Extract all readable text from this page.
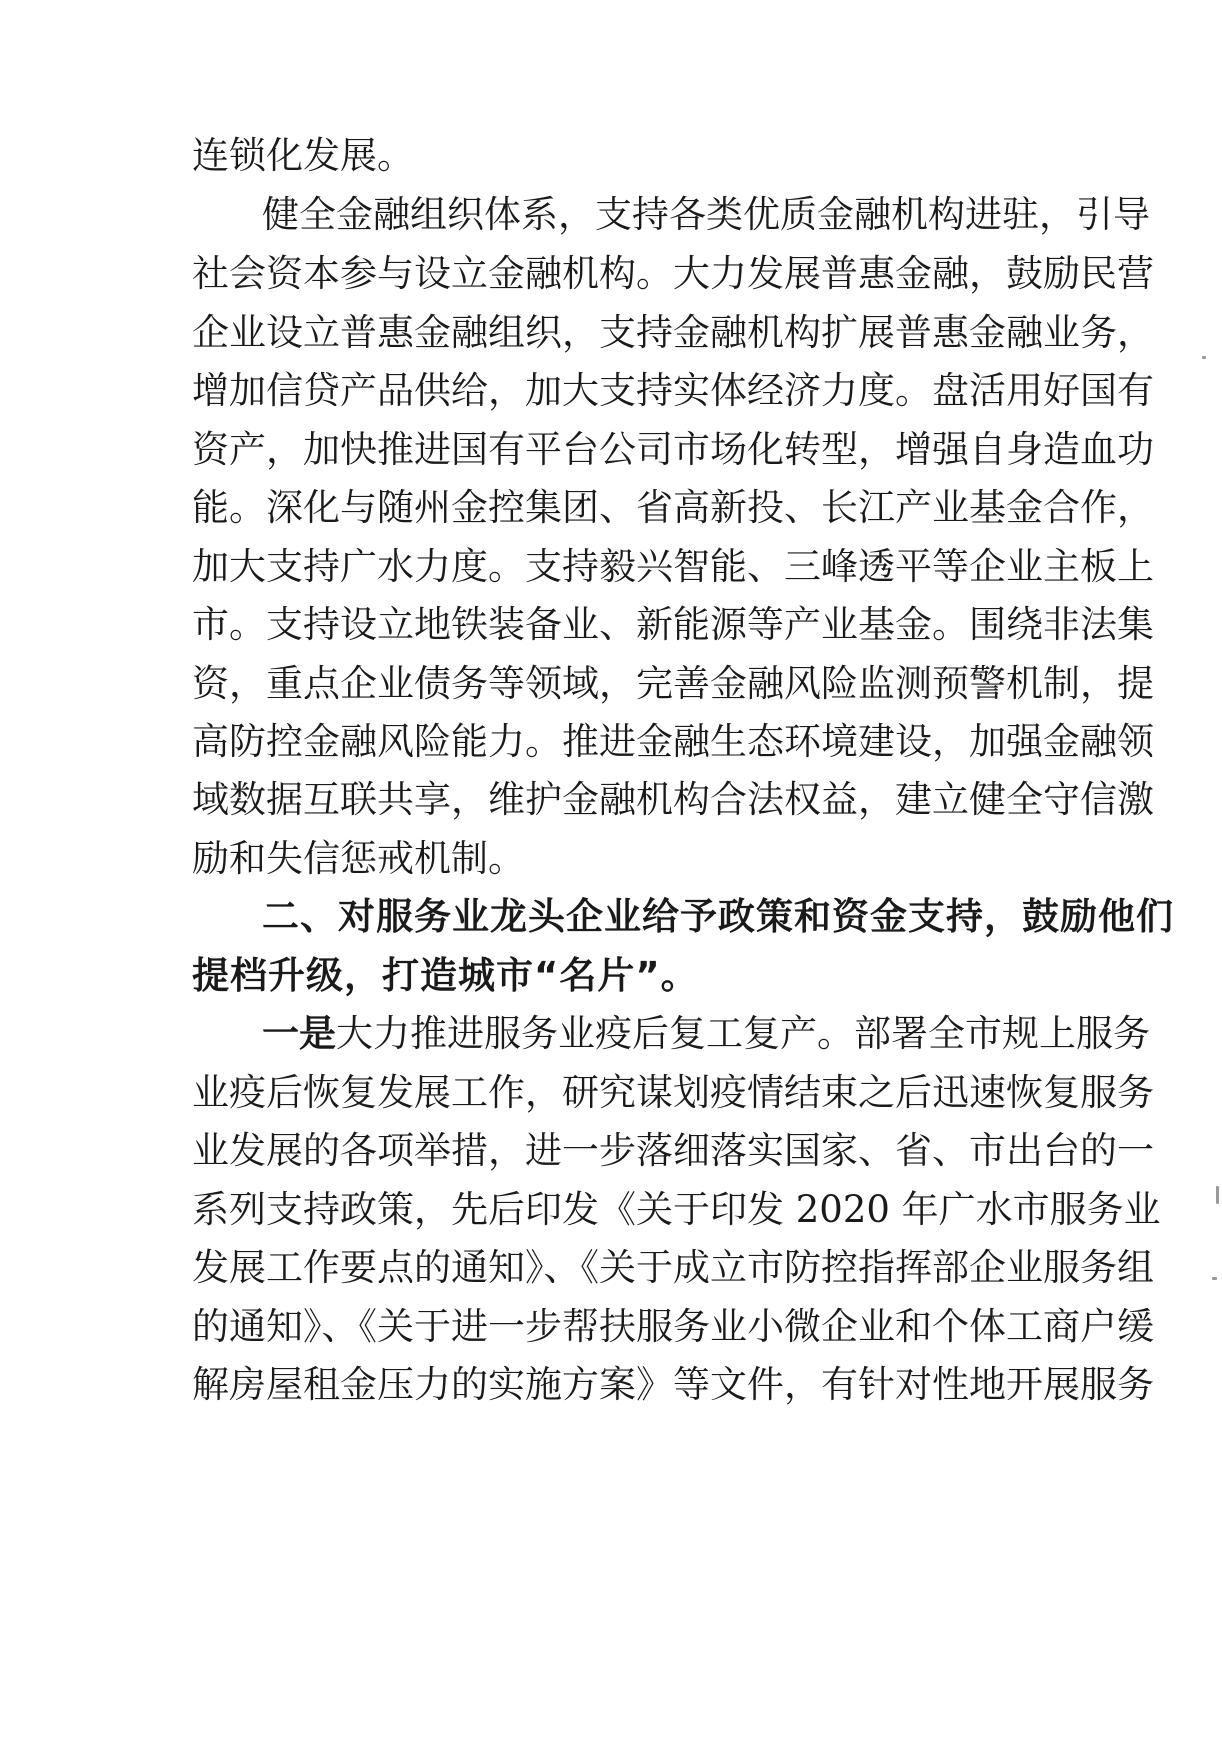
连锁化发展。
健全金融组织体系，支持各类优质金融机构进驻，引导
社会资本参与设立金融机构。大力发展普惠金融，鼓励民营
企业设立普惠金融组织，支持金融机构扩展普惠金融业务，
增加信贷产品供给，加大支持实体经济力度。盘活用好国有
资产，加快推进国有平台公司市场化转型，增强自身造血功
能。深化与随州金控集团、省高新投、长江产业基金合作，
加大支持广水力度。支持毅兴智能、三峰透平等企业主板上
市。支持设立地铁装备业、新能源等产业基金。围绕非法集
资，重点企业债务等领域，完善金融风险监测预警机制，提
高防控金融风险能力。推进金融生态环境建设，加强金融领
域数据互联共享，维护金融机构合法权益，建立健全守信激
励和失信惩戒机制。
二、对服务业龙头企业给予政策和资金支持，鼓励他们
提档升级，打造城市“名片”。
一是大力推进服务业疫后复工复产。部署全市规上服务
业疫后恢复发展工作，研究谋划疫情结束之后迅速恢复服务
业发展的各项举措，进一步落细落实国家、省、市出台的一
系列支持政策，先后印发《关于印发 2020 年广水市服务业
发展工作要点的通知》、《关于成立市防控指挥部企业服务组
的通知》、《关于进一步帮扶服务业小微企业和个体工商户缓
解房屋租金压力的实施方案》等文件，有针对性地开展服务
